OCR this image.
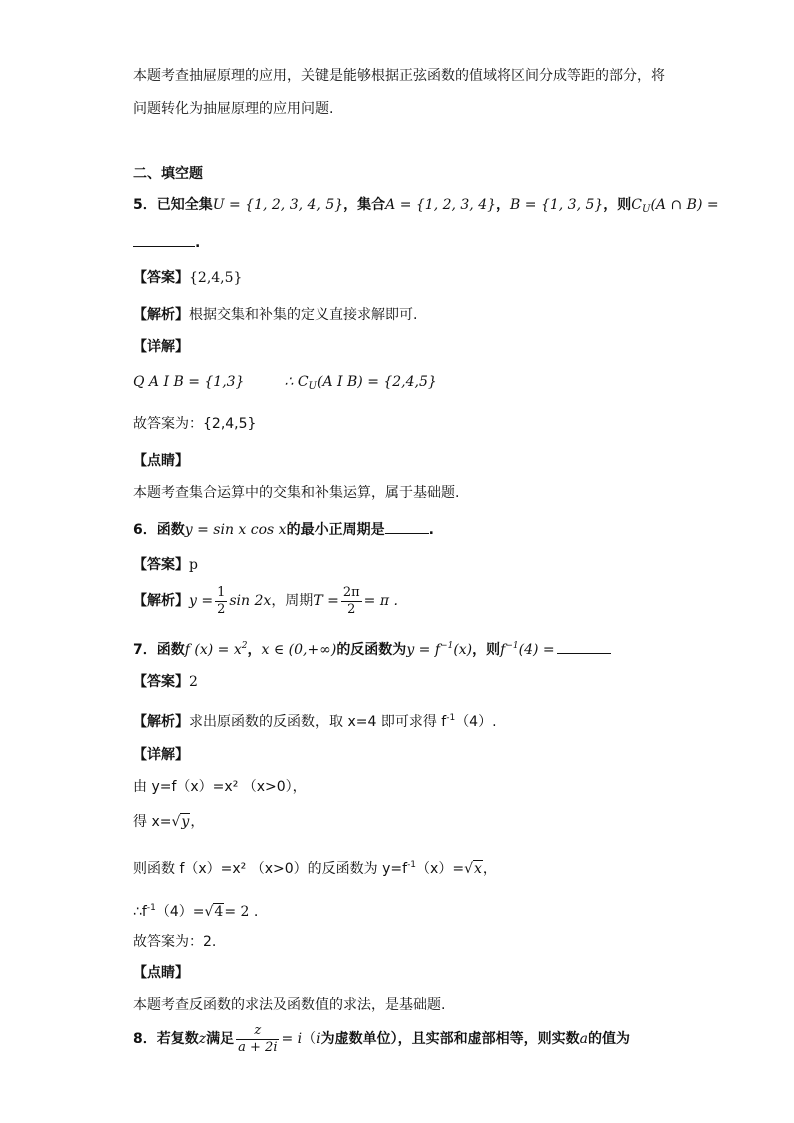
本题考查抽屉原理的应用，关键是能够根据正弦函数的值域将区间分成等距的部分，将
问题转化为抽屉原理的应用问题.
二、填空题
5．已知全集U = {1, 2, 3, 4, 5}，集合A = {1, 2, 3, 4}，B = {1, 3, 5}，则$C_U(A$ ∩ B) =
.
【答案】{2,4,5}
【解析】根据交集和补集的定义直接求解即可.
【详解】
Q A I B = {1,3}	∴ $C_U(A$ I B) = {2,4,5}
故答案为：{2,4,5}
【点睛】
本题考查集合运算中的交集和补集运算，属于基础题.
6．函数y = sin x cos x的最小正周期是	.
【答案】p
【解析】$y = \frac{1}{2}$ sin 2x，周期$T = \frac{2\pi}{2} = \pi$ .
7．函数f $(x) = x^2$，x ∈ (0,+∞)的反函数为$y = f^{-1}(x)$，则$f^{-1}(4)$ =
【答案】2
【解析】求出原函数的反函数，取 x=4 即可求得 $f^{-1}(4)$.
【详解】
由 y=f（x）=x² （x>0），
得 x=√y，
则函数 f（x）=x² （x>0）的反函数为 $y=f^{-1}(x)=√x$，
$\therefore f^{-1}(4)=√4= 2$ .
故答案为：2.
【点睛】
本题考查反函数的求法及函数值的求法，是基础题.
8．若复数z满足 $\frac{z}{a + 2i} = i(i$为虚数单位），且实部和虚部相等，则实数a的值为
